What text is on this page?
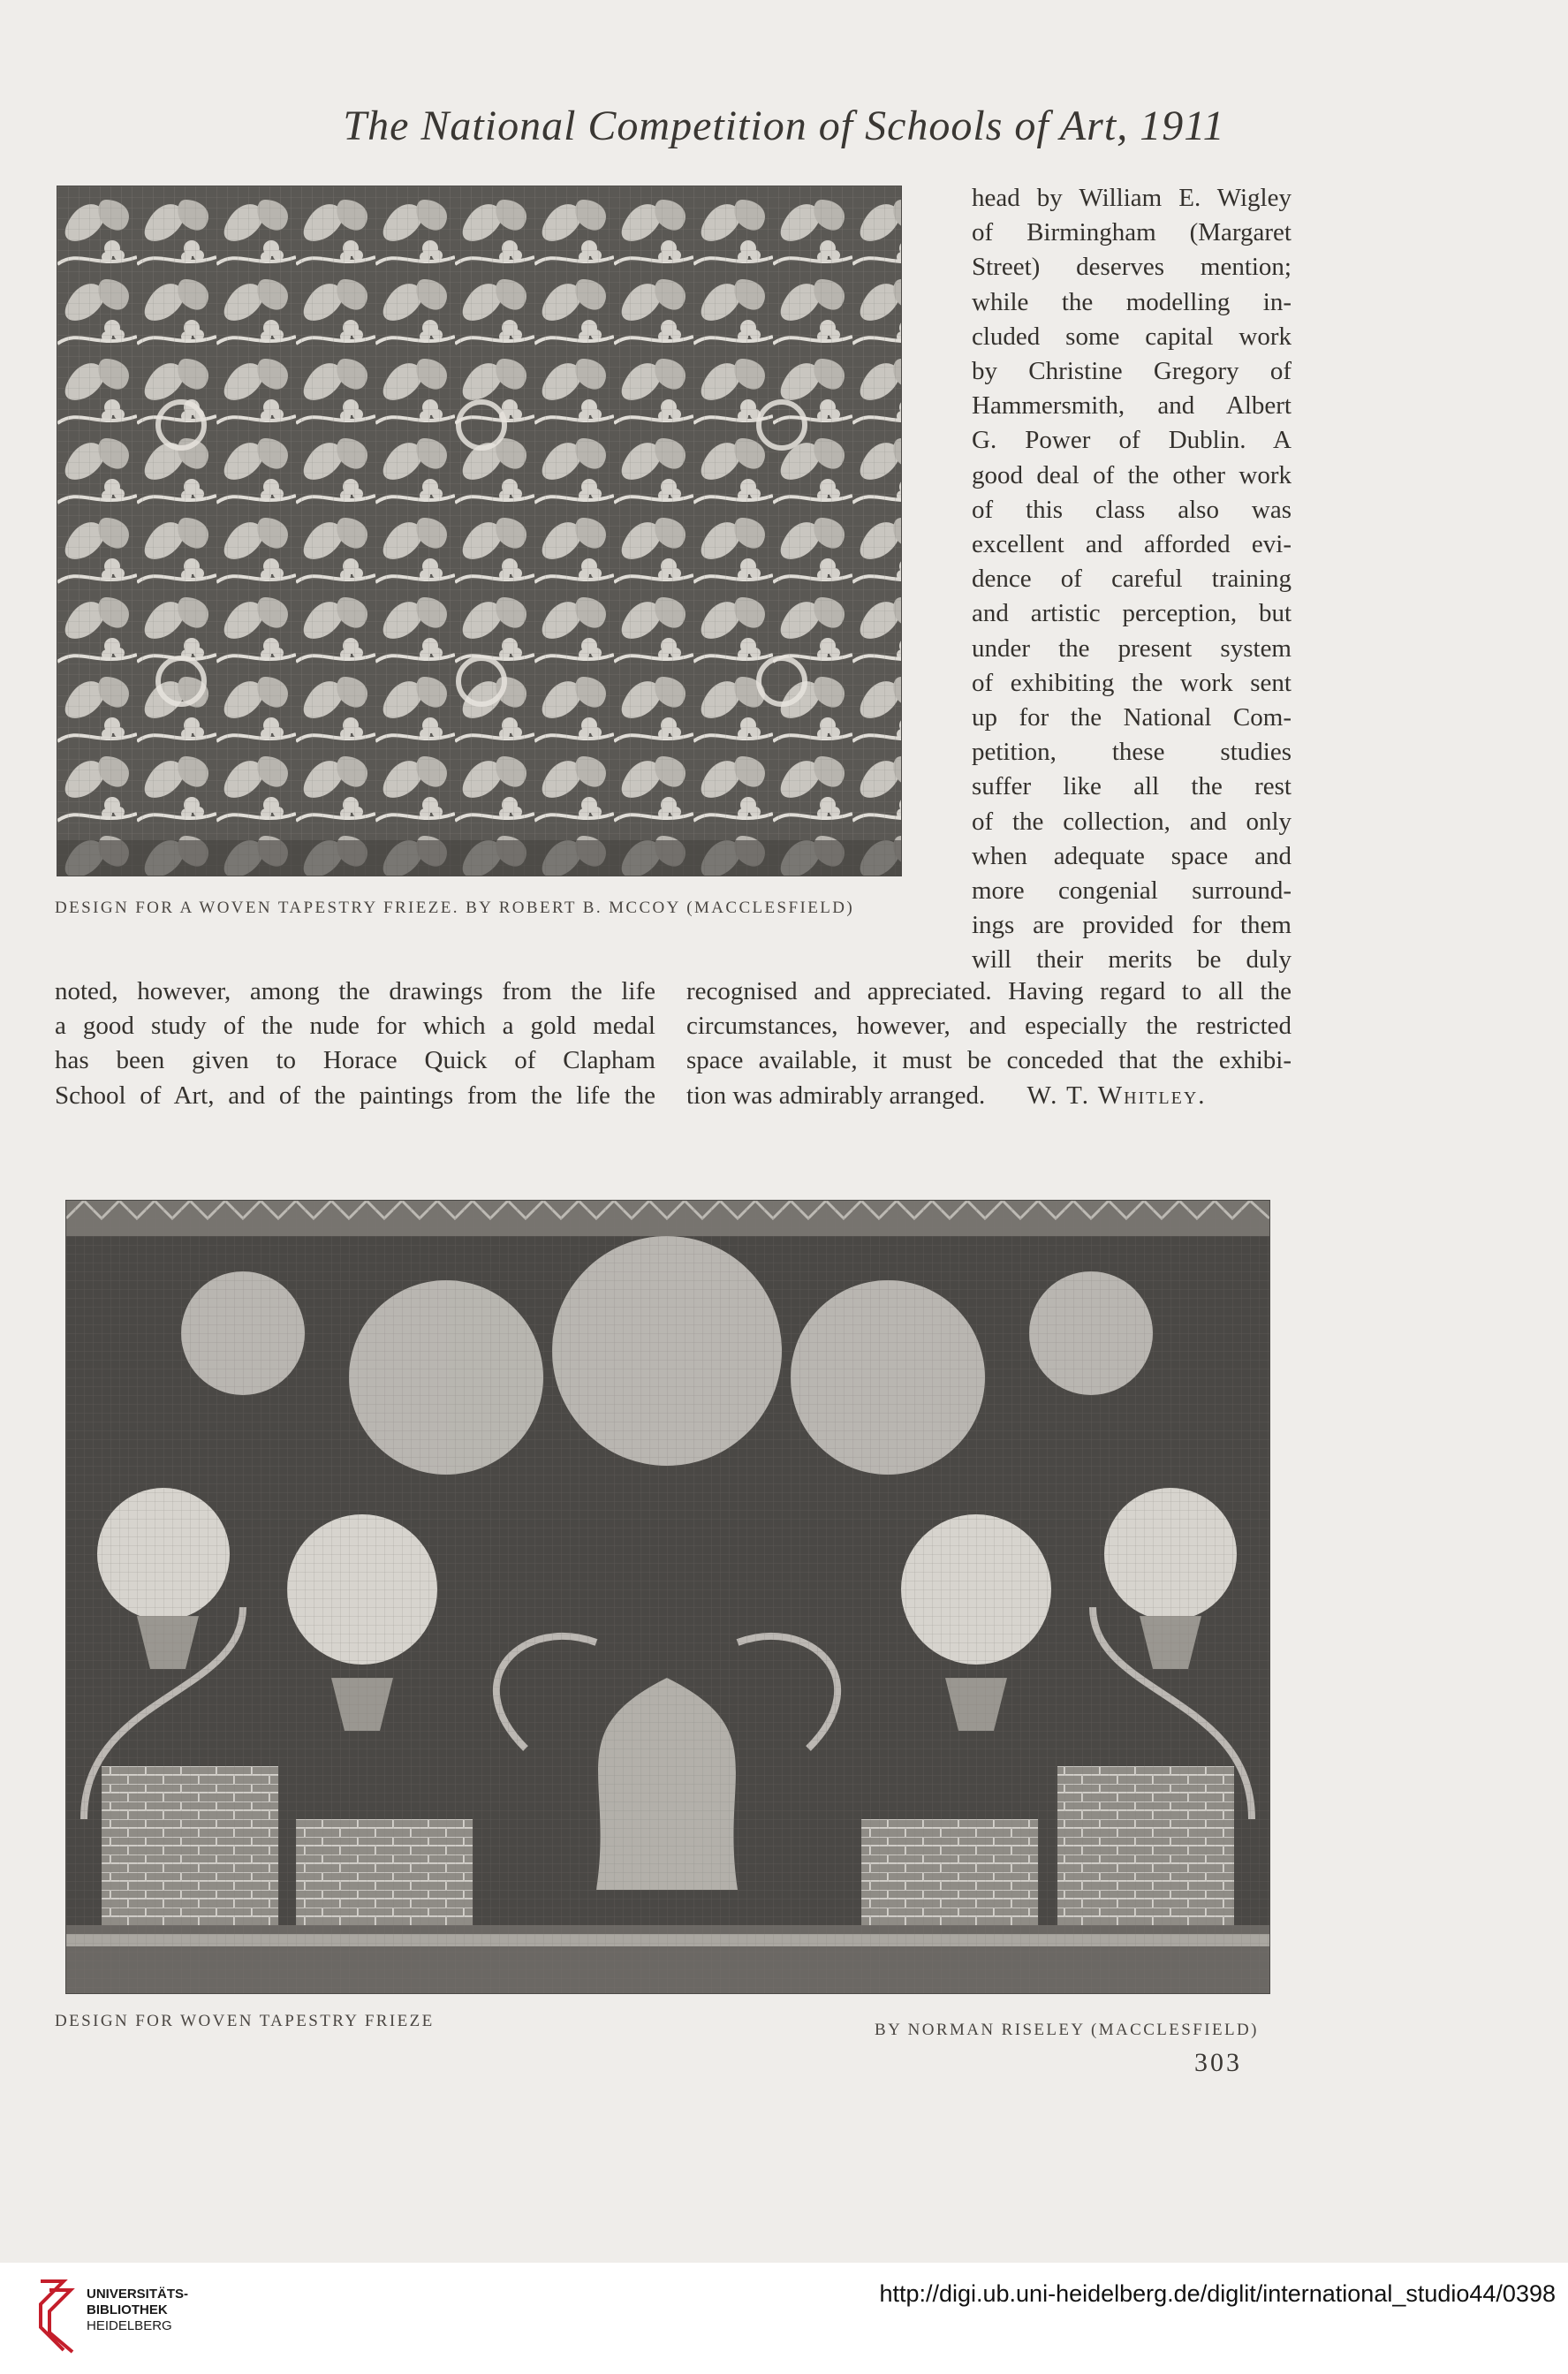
The National Competition of Schools of Art, 1911
DESIGN FOR A WOVEN TAPESTRY FRIEZE. BY ROBERT B. MCCOY (MACCLESFIELD)

head by William E. Wigley

of Birmingham (Margaret

Street) deserves mention;

while the modelling in-

cluded some capital work

by Christine Gregory of

Hammersmith, and Albert

G. Power of Dublin. A

good deal of the other work

of this class also was

excellent and afforded evi-

dence of careful training

and artistic perception, but

under the present system

of exhibiting the work sent

up for the National Com-

petition, these studies

suffer like all the rest

of the collection, and only

when adequate space and

more congenial surround-

ings are provided for them

will their merits be duly

noted, however, among the drawings from the life

a good study of the nude for which a gold medal

has been given to Horace Quick of Clapham

School of Art, and of the paintings from the life the

recognised and appreciated. Having regard to all the

circumstances, however, and especially the restricted

space available, it must be conceded that the exhibi-

tion was admirably arranged. W. T. Whitley.

DESIGN FOR WOVEN TAPESTRY FRIEZE	BY NORMAN RISELEY (MACCLESFIELD)
303
UNIVERSITÄTS-
BIBLIOTHEK
HEIDELBERG
http://digi.ub.uni-heidelberg.de/diglit/international_studio44/0398
